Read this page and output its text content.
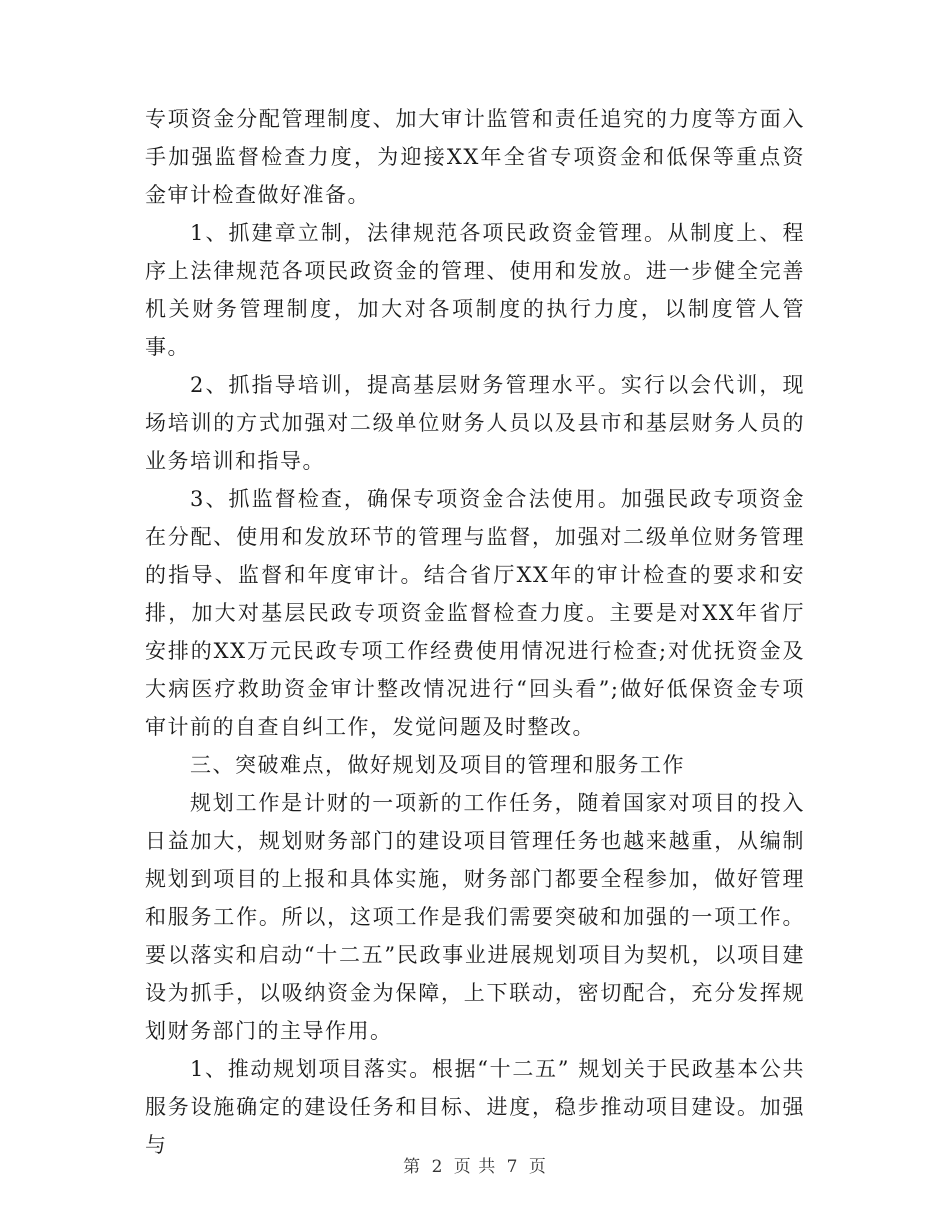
专项资金分配管理制度、加大审计监管和责任追究的力度等方面入手加强监督检查力度，为迎接XX年全省专项资金和低保等重点资金审计检查做好准备。

1、抓建章立制，法律规范各项民政资金管理。从制度上、程序上法律规范各项民政资金的管理、使用和发放。进一步健全完善机关财务管理制度，加大对各项制度的执行力度，以制度管人管事。

2、抓指导培训，提高基层财务管理水平。实行以会代训，现场培训的方式加强对二级单位财务人员以及县市和基层财务人员的业务培训和指导。

3、抓监督检查，确保专项资金合法使用。加强民政专项资金在分配、使用和发放环节的管理与监督，加强对二级单位财务管理的指导、监督和年度审计。结合省厅XX年的审计检查的要求和安排，加大对基层民政专项资金监督检查力度。主要是对XX年省厅安排的XX万元民政专项工作经费使用情况进行检查;对优抚资金及大病医疗救助资金审计整改情况进行“回头看”;做好低保资金专项审计前的自查自纠工作，发觉问题及时整改。

三、突破难点，做好规划及项目的管理和服务工作

规划工作是计财的一项新的工作任务，随着国家对项目的投入日益加大，规划财务部门的建设项目管理任务也越来越重，从编制规划到项目的上报和具体实施，财务部门都要全程参加，做好管理和服务工作。所以，这项工作是我们需要突破和加强的一项工作。要以落实和启动“十二五”民政事业进展规划项目为契机，以项目建设为抓手，以吸纳资金为保障，上下联动，密切配合，充分发挥规划财务部门的主导作用。

1、推动规划项目落实。根据“十二五” 规划关于民政基本公共服务设施确定的建设任务和目标、进度，稳步推动项目建设。加强与

第 2 页 共 7 页
